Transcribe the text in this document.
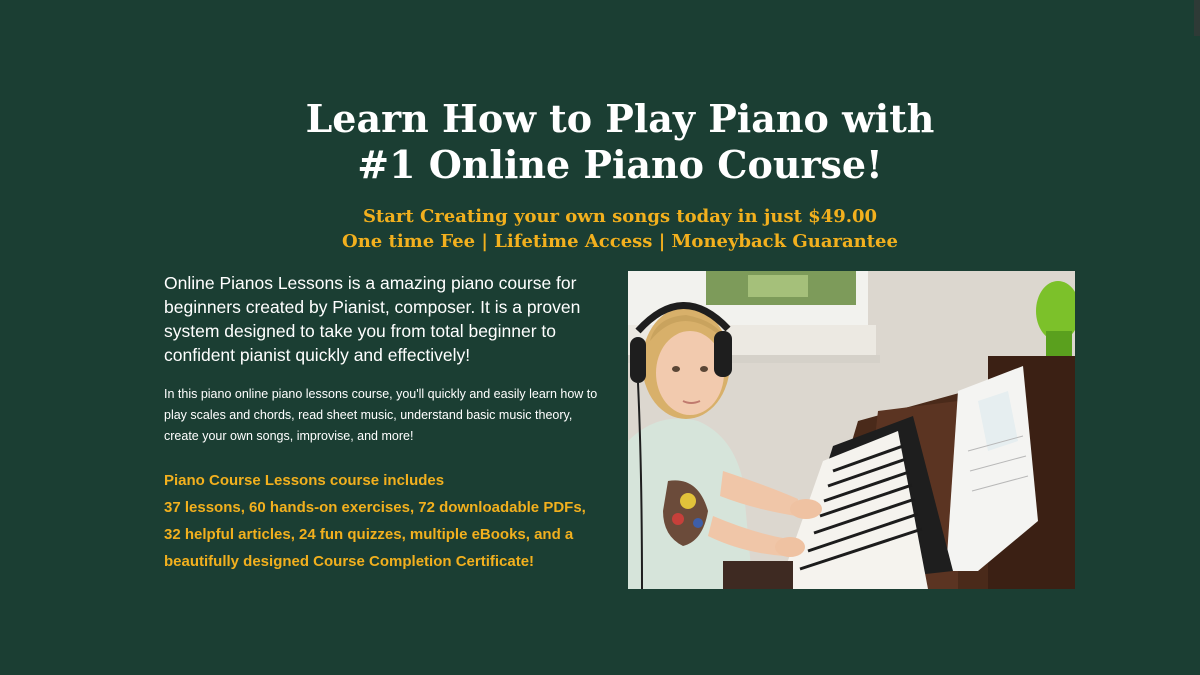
Learn How to Play Piano with
#1 Online Piano Course!
Start Creating your own songs today in just $49.00
One time Fee | Lifetime Access | Moneyback Guarantee

Online Pianos Lessons is a amazing piano course for beginners created by Pianist, composer. It is a proven system designed to take you from total beginner to confident pianist quickly and effectively!

In this piano online piano lessons course, you'll quickly and easily learn how to play scales and chords, read sheet music, understand basic music theory, create your own songs, improvise, and more!

Piano Course Lessons course includes
37 lessons, 60 hands-on exercises, 72 downloadable PDFs,
32 helpful articles, 24 fun quizzes, multiple eBooks, and a
beautifully designed Course Completion Certificate!
